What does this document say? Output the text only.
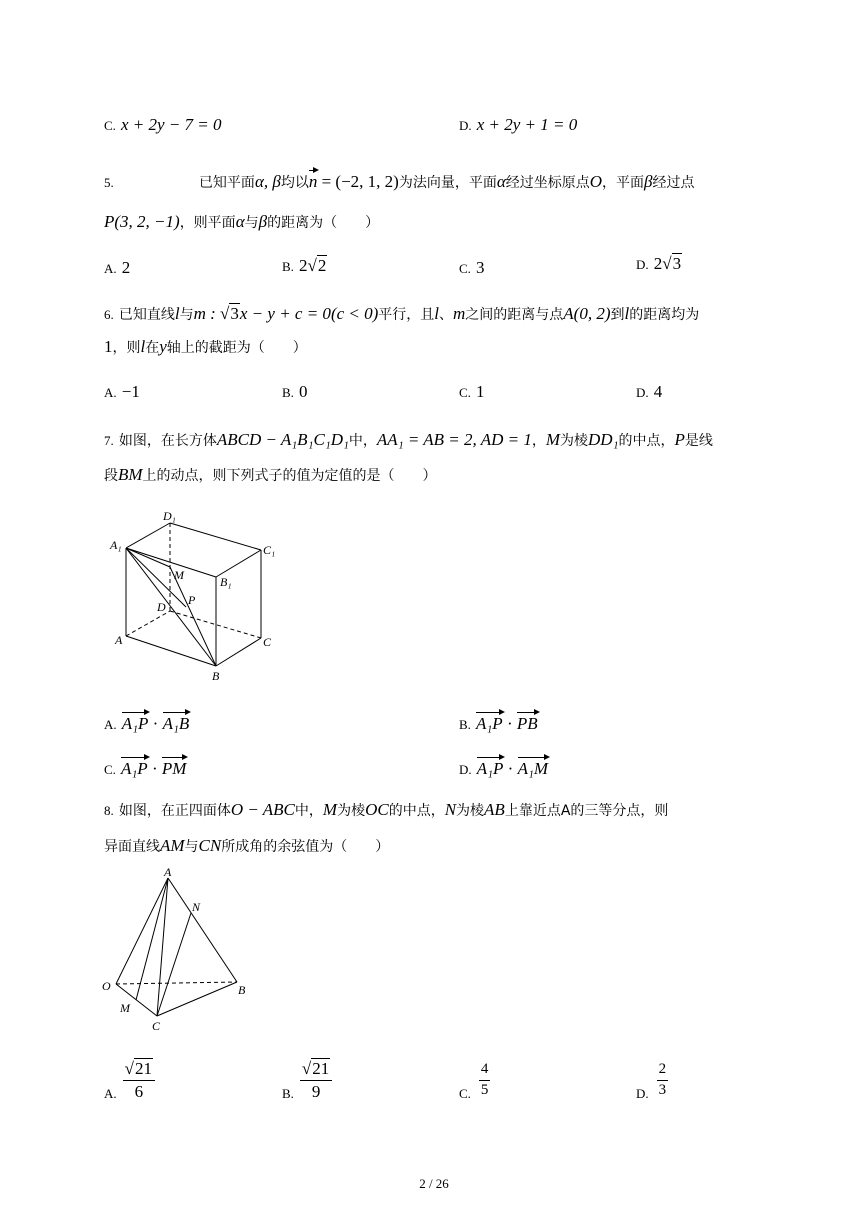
C. x + 2y − 7 = 0	D. x + 2y + 1 = 0
5.	已知平面α, β均以n = (−2, 1, 2)为法向量，平面α经过坐标原点O，平面β经过点
P(3, 2, −1)，则平面α与β的距离为（　　）
A. 2	B. 2√2	C. 3	D. 2√3
6. 已知直线l与m : √3x − y + c = 0(c < 0)平行，且l、m之间的距离与点A(0, 2)到l的距离均为
1，则l在y轴上的截距为（　　）
A. −1	B. 0	C. 1	D. 4
7. 如图，在长方体ABCD − A₁B₁C₁D₁中，AA₁ = AB = 2, AD = 1，M为棱DD₁的中点，P是线
段BM上的动点，则下列式子的值为定值的是（　　）
D₁
A₁	C₁
M	B₁
P
D
A	C
B
A. A₁P · A₁B	B. A₁P · PB
C. A₁P · PM	D. A₁P · A₁M
8. 如图，在正四面体O − ABC中，M为棱OC的中点，N为棱AB上靠近点A的三等分点，则
异面直线AM与CN所成角的余弦值为（　　）
A
N
O	B
M
C
A. $\frac{√21}{6}$	B. $\frac{√21}{9}$	C. $\frac{4}{5}$	D. $\frac{2}{3}$
2 / 26
